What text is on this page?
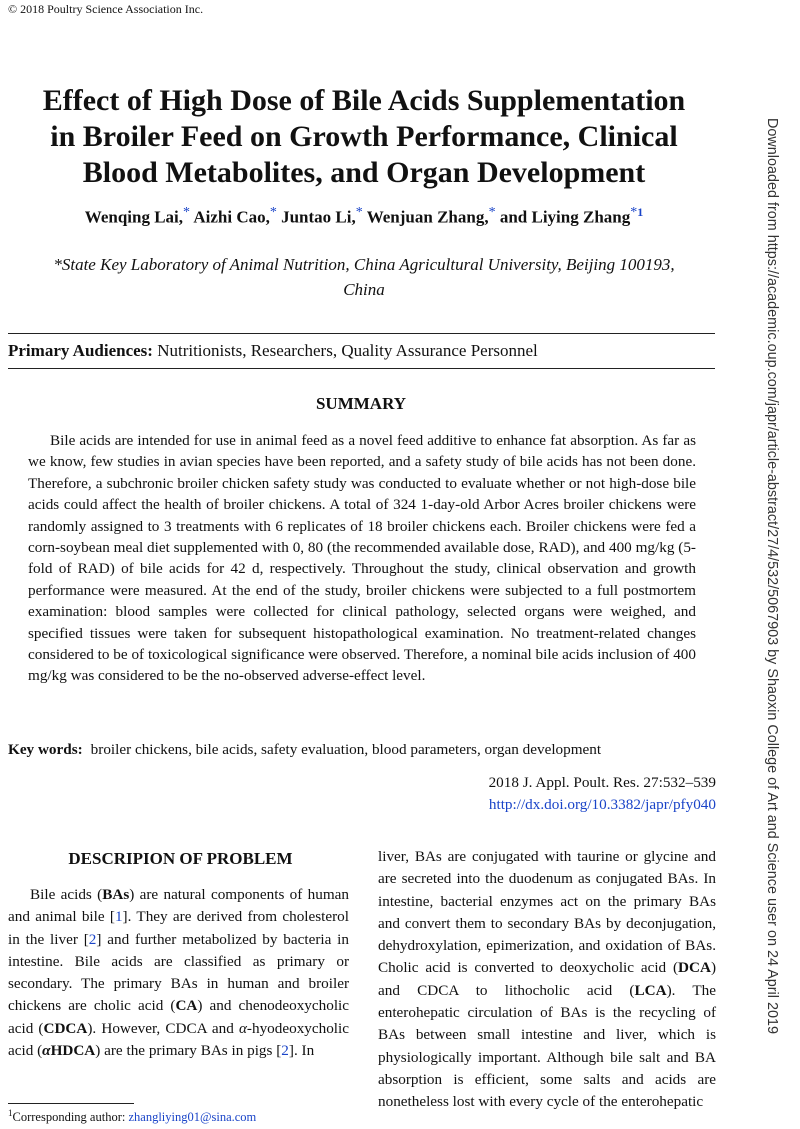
© 2018 Poultry Science Association Inc.
Effect of High Dose of Bile Acids Supplementation
in Broiler Feed on Growth Performance, Clinical
Blood Metabolites, and Organ Development
Wenqing Lai,* Aizhi Cao,* Juntao Li,* Wenjuan Zhang,* and Liying Zhang$^{*1}$
*State Key Laboratory of Animal Nutrition, China Agricultural University, Beijing 100193,
China
Primary Audiences: Nutritionists, Researchers, Quality Assurance Personnel
SUMMARY
Bile acids are intended for use in animal feed as a novel feed additive to enhance fat absorption. As far as we know, few studies in avian species have been reported, and a safety study of bile acids has not been done. Therefore, a subchronic broiler chicken safety study was conducted to evaluate whether or not high-dose bile acids could affect the health of broiler chickens. A total of 324 1-day-old Arbor Acres broiler chickens were randomly assigned to 3 treatments with 6 replicates of 18 broiler chickens each. Broiler chickens were fed a corn-soybean meal diet supplemented with 0, 80 (the recommended available dose, RAD), and 400 mg/kg (5-fold of RAD) of bile acids for 42 d, respectively. Throughout the study, clinical observation and growth performance were measured. At the end of the study, broiler chickens were subjected to a full postmortem examination: blood samples were collected for clinical pathology, selected organs were weighed, and specified tissues were taken for subsequent histopathological examination. No treatment-related changes considered to be of toxicological significance were observed. Therefore, a nominal bile acids inclusion of 400 mg/kg was considered to be the no-observed adverse-effect level.
Key words: broiler chickens, bile acids, safety evaluation, blood parameters, organ development
2018 J. Appl. Poult. Res. 27:532–539
http://dx.doi.org/10.3382/japr/pfy040
DESCRIPION OF PROBLEM
Bile acids (BAs) are natural components of human and animal bile [1]. They are derived from cholesterol in the liver [2] and further metabolized by bacteria in intestine. Bile acids are classified as primary or secondary. The primary BAs in human and broiler chickens are cholic acid (CA) and chenodeoxycholic acid (CDCA). However, CDCA and α-hyodeoxycholic acid (αHDCA) are the primary BAs in pigs [2]. In
liver, BAs are conjugated with taurine or glycine and are secreted into the duodenum as conjugated BAs. In intestine, bacterial enzymes act on the primary BAs and convert them to secondary BAs by deconjugation, dehydroxylation, epimerization, and oxidation of BAs. Cholic acid is converted to deoxycholic acid (DCA) and CDCA to lithocholic acid (LCA). The enterohepatic circulation of BAs is the recycling of BAs between small intestine and liver, which is physiologically important. Although bile salt and BA absorption is efficient, some salts and acids are nonetheless lost with every cycle of the enterohepatic
$^1$Corresponding author: zhangliying01@sina.com
Downloaded from https://academic.oup.com/japr/article-abstract/27/4/532/5067903 by Shaoxin College of Art and Science user on 24 April 2019
